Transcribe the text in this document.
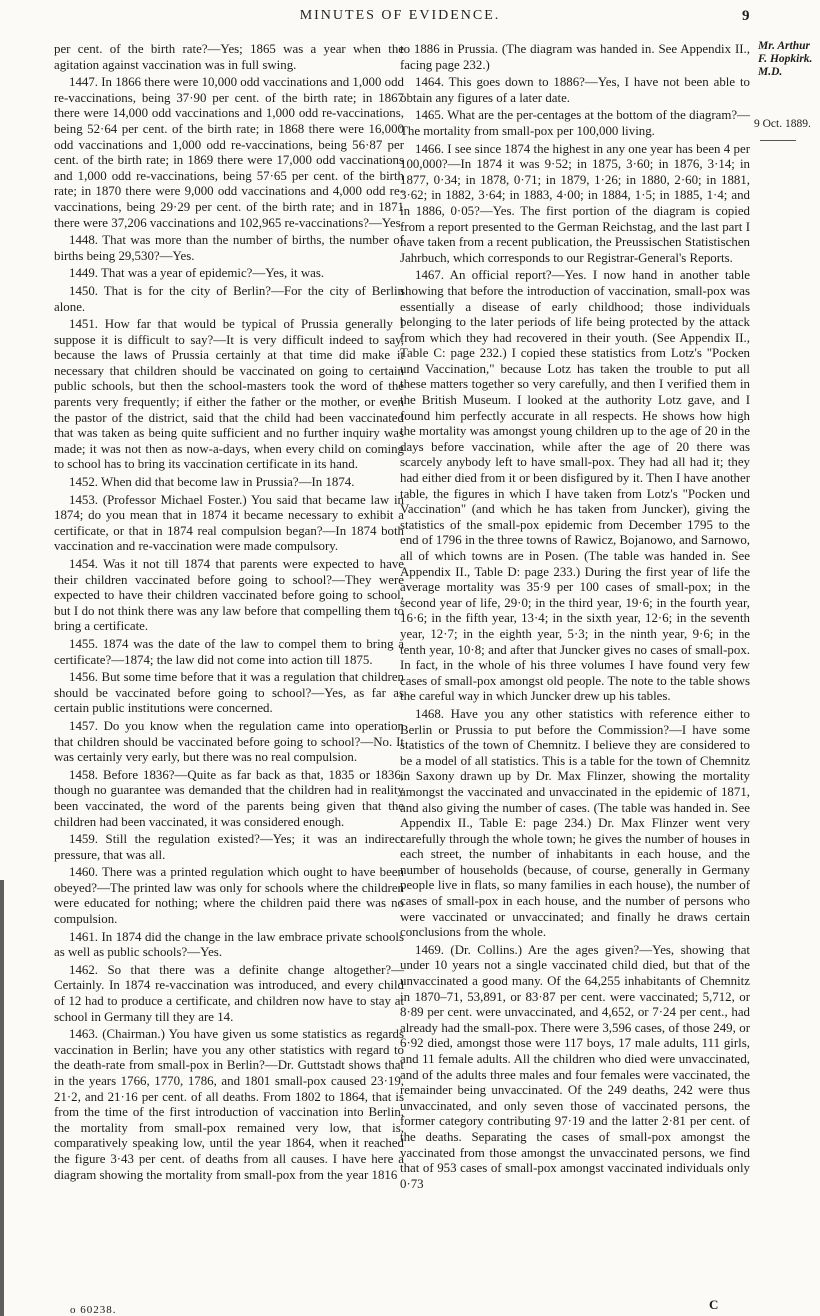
MINUTES OF EVIDENCE.	9
Mr. Arthur F. Hopkirk. M.D.
9 Oct. 1889.

per cent. of the birth rate?—Yes; 1865 was a year when the agitation against vaccination was in full swing.

1447. In 1866 there were 10,000 odd vaccinations and 1,000 odd re-vaccinations, being 37·90 per cent. of the birth rate; in 1867 there were 14,000 odd vaccinations and 1,000 odd re-vaccinations, being 52·64 per cent. of the birth rate; in 1868 there were 16,000 odd vaccinations and 1,000 odd re-vaccinations, being 56·87 per cent. of the birth rate; in 1869 there were 17,000 odd vaccinations and 1,000 odd re-vaccinations, being 57·65 per cent. of the birth rate; in 1870 there were 9,000 odd vaccinations and 4,000 odd re-vaccinations, being 29·29 per cent. of the birth rate; and in 1871 there were 37,206 vaccinations and 102,965 re-vaccinations?—Yes.

1448. That was more than the number of births, the number of births being 29,530?—Yes.

1449. That was a year of epidemic?—Yes, it was.

1450. That is for the city of Berlin?—For the city of Berlin alone.

1451. How far that would be typical of Prussia generally I suppose it is difficult to say?—It is very difficult indeed to say, because the laws of Prussia certainly at that time did make it necessary that children should be vaccinated on going to certain public schools, but then the school-masters took the word of the parents very frequently; if either the father or the mother, or even the pastor of the district, said that the child had been vaccinated that was taken as being quite sufficient and no further inquiry was made; it was not then as now-a-days, when every child on coming to school has to bring its vaccination certificate in its hand.

1452. When did that become law in Prussia?—In 1874.

1453. (Professor Michael Foster.) You said that became law in 1874; do you mean that in 1874 it became necessary to exhibit a certificate, or that in 1874 real compulsion began?—In 1874 both vaccination and re-vaccination were made compulsory.

1454. Was it not till 1874 that parents were expected to have their children vaccinated before going to school?—They were expected to have their children vaccinated before going to school, but I do not think there was any law before that compelling them to bring a certificate.

1455. 1874 was the date of the law to compel them to bring a certificate?—1874; the law did not come into action till 1875.

1456. But some time before that it was a regulation that children should be vaccinated before going to school?—Yes, as far as certain public institutions were concerned.

1457. Do you know when the regulation came into operation that children should be vaccinated before going to school?—No. It was certainly very early, but there was no real compulsion.

1458. Before 1836?—Quite as far back as that, 1835 or 1836, though no guarantee was demanded that the children had in reality been vaccinated, the word of the parents being given that the children had been vaccinated, it was considered enough.

1459. Still the regulation existed?—Yes; it was an indirect pressure, that was all.

1460. There was a printed regulation which ought to have been obeyed?—The printed law was only for schools where the children were educated for nothing; where the children paid there was no compulsion.

1461. In 1874 did the change in the law embrace private schools as well as public schools?—Yes.

1462. So that there was a definite change altogether?—Certainly. In 1874 re-vaccination was introduced, and every child of 12 had to produce a certificate, and children now have to stay at school in Germany till they are 14.

1463. (Chairman.) You have given us some statistics as regards vaccination in Berlin; have you any other statistics with regard to the death-rate from small-pox in Berlin?—Dr. Guttstadt shows that in the years 1766, 1770, 1786, and 1801 small-pox caused 23·19, 21·2, and 21·16 per cent. of all deaths. From 1802 to 1864, that is from the time of the first introduction of vaccination into Berlin, the mortality from small-pox remained very low, that is, comparatively speaking low, until the year 1864, when it reached the figure 3·43 per cent. of deaths from all causes. I have here a diagram showing the mortality from small-pox from the year 1816

to 1886 in Prussia. (The diagram was handed in. See Appendix II., facing page 232.)

1464. This goes down to 1886?—Yes, I have not been able to obtain any figures of a later date.

1465. What are the per-centages at the bottom of the diagram?—The mortality from small-pox per 100,000 living.

1466. I see since 1874 the highest in any one year has been 4 per 100,000?—In 1874 it was 9·52; in 1875, 3·60; in 1876, 3·14; in 1877, 0·34; in 1878, 0·71; in 1879, 1·26; in 1880, 2·60; in 1881, 3·62; in 1882, 3·64; in 1883, 4·00; in 1884, 1·5; in 1885, 1·4; and in 1886, 0·05?—Yes. The first portion of the diagram is copied from a report presented to the German Reichstag, and the last part I have taken from a recent publication, the Preussischen Statistischen Jahrbuch, which corresponds to our Registrar-General's Reports.

1467. An official report?—Yes. I now hand in another table showing that before the introduction of vaccination, small-pox was essentially a disease of early childhood; those individuals belonging to the later periods of life being protected by the attack from which they had recovered in their youth. (See Appendix II., Table C: page 232.) I copied these statistics from Lotz's "Pocken und Vaccination," because Lotz has taken the trouble to put all these matters together so very carefully, and then I verified them in the British Museum. I looked at the authority Lotz gave, and I found him perfectly accurate in all respects. He shows how high the mortality was amongst young children up to the age of 20 in the days before vaccination, while after the age of 20 there was scarcely anybody left to have small-pox. They had all had it; they had either died from it or been disfigured by it. Then I have another table, the figures in which I have taken from Lotz's "Pocken und Vaccination" (and which he has taken from Juncker), giving the statistics of the small-pox epidemic from December 1795 to the end of 1796 in the three towns of Rawicz, Bojanowo, and Sarnowo, all of which towns are in Posen. (The table was handed in. See Appendix II., Table D: page 233.) During the first year of life the average mortality was 35·9 per 100 cases of small-pox; in the second year of life, 29·0; in the third year, 19·6; in the fourth year, 16·6; in the fifth year, 13·4; in the sixth year, 12·6; in the seventh year, 12·7; in the eighth year, 5·3; in the ninth year, 9·6; in the tenth year, 10·8; and after that Juncker gives no cases of small-pox. In fact, in the whole of his three volumes I have found very few cases of small-pox amongst old people. The note to the table shows the careful way in which Juncker drew up his tables.

1468. Have you any other statistics with reference either to Berlin or Prussia to put before the Commission?—I have some statistics of the town of Chemnitz. I believe they are considered to be a model of all statistics. This is a table for the town of Chemnitz in Saxony drawn up by Dr. Max Flinzer, showing the mortality amongst the vaccinated and unvaccinated in the epidemic of 1871, and also giving the number of cases. (The table was handed in. See Appendix II., Table E: page 234.) Dr. Max Flinzer went very carefully through the whole town; he gives the number of houses in each street, the number of inhabitants in each house, and the number of households (because, of course, generally in Germany people live in flats, so many families in each house), the number of cases of small-pox in each house, and the number of persons who were vaccinated or unvaccinated; and finally he draws certain conclusions from the whole.

1469. (Dr. Collins.) Are the ages given?—Yes, showing that under 10 years not a single vaccinated child died, but that of the unvaccinated a good many. Of the 64,255 inhabitants of Chemnitz in 1870–71, 53,891, or 83·87 per cent. were vaccinated; 5,712, or 8·89 per cent. were unvaccinated, and 4,652, or 7·24 per cent., had already had the small-pox. There were 3,596 cases, of those 249, or 6·92 died, amongst those were 117 boys, 17 male adults, 111 girls, and 11 female adults. All the children who died were unvaccinated, and of the adults three males and four females were vaccinated, the remainder being unvaccinated. Of the 249 deaths, 242 were thus unvaccinated, and only seven those of vaccinated persons, the former category contributing 97·19 and the latter 2·81 per cent. of the deaths. Separating the cases of small-pox amongst the vaccinated from those amongst the unvaccinated persons, we find that of 953 cases of small-pox amongst vaccinated individuals only 0·73

o 60238.	C
